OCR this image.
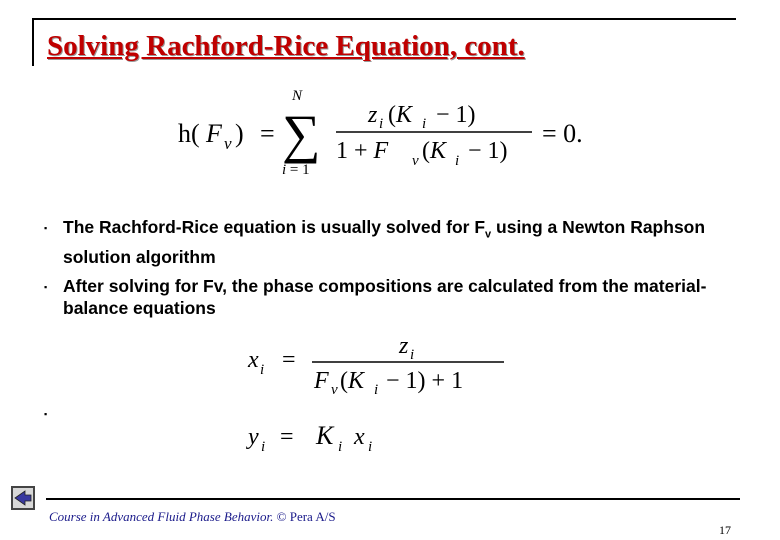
Solving Rachford-Rice Equation, cont.
h( F v ) =
N
∑
i = 1
z i (K i − 1)
1 + F v (K i − 1)
= 0.
▪ The Rachford-Rice equation is usually solved for $F_v$ using a Newton Raphson solution algorithm
▪ After solving for Fv, the phase compositions are calculated from the material-balance equations
x i =
z i
F v (K i − 1) + 1
▪
y i = K i x i
Course in Advanced Fluid Phase Behavior. © Pera A/S
17
